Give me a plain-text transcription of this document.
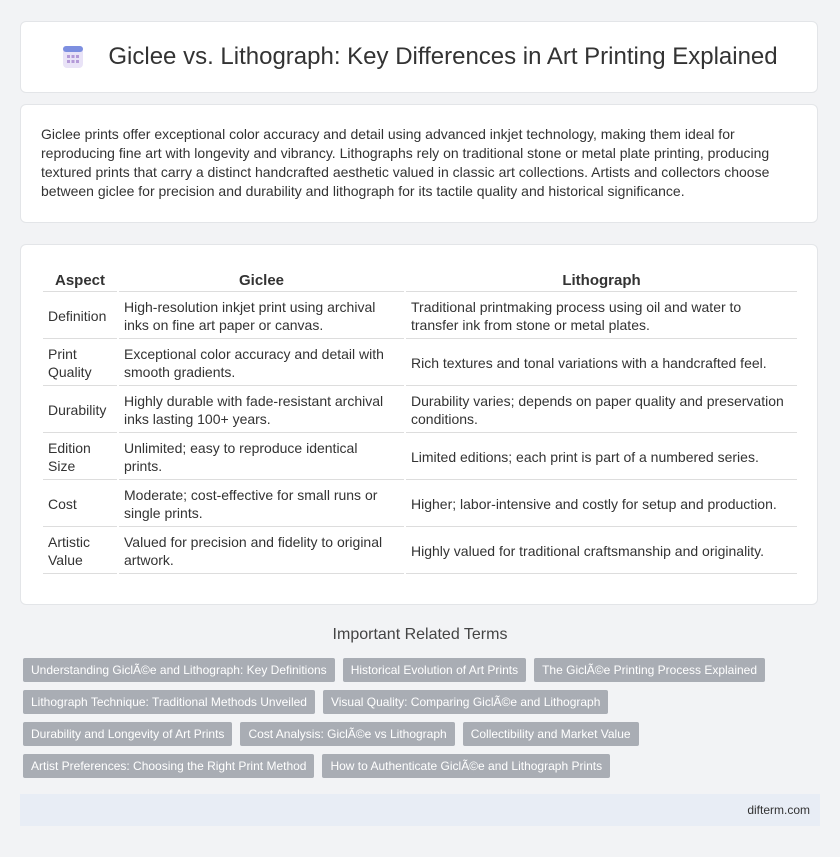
Giclee vs. Lithograph: Key Differences in Art Printing Explained

Giclee prints offer exceptional color accuracy and detail using advanced inkjet technology, making them ideal for reproducing fine art with longevity and vibrancy. Lithographs rely on traditional stone or metal plate printing, producing textured prints that carry a distinct handcrafted aesthetic valued in classic art collections. Artists and collectors choose between giclee for precision and durability and lithograph for its tactile quality and historical significance.

Aspect	Giclee	Lithograph
Definition	High-resolution inkjet print using archival inks on fine art paper or canvas.	Traditional printmaking process using oil and water to transfer ink from stone or metal plates.
Print Quality	Exceptional color accuracy and detail with smooth gradients.	Rich textures and tonal variations with a handcrafted feel.
Durability	Highly durable with fade-resistant archival inks lasting 100+ years.	Durability varies; depends on paper quality and preservation conditions.
Edition Size	Unlimited; easy to reproduce identical prints.	Limited editions; each print is part of a numbered series.
Cost	Moderate; cost-effective for small runs or single prints.	Higher; labor-intensive and costly for setup and production.
Artistic Value	Valued for precision and fidelity to original artwork.	Highly valued for traditional craftsmanship and originality.
Important Related Terms
Understanding GiclÃ©e and Lithograph: Key Definitions	Historical Evolution of Art Prints	The GiclÃ©e Printing Process Explained
Lithograph Technique: Traditional Methods Unveiled	Visual Quality: Comparing GiclÃ©e and Lithograph
Durability and Longevity of Art Prints	Cost Analysis: GiclÃ©e vs Lithograph	Collectibility and Market Value
Artist Preferences: Choosing the Right Print Method	How to Authenticate GiclÃ©e and Lithograph Prints
difterm.com
